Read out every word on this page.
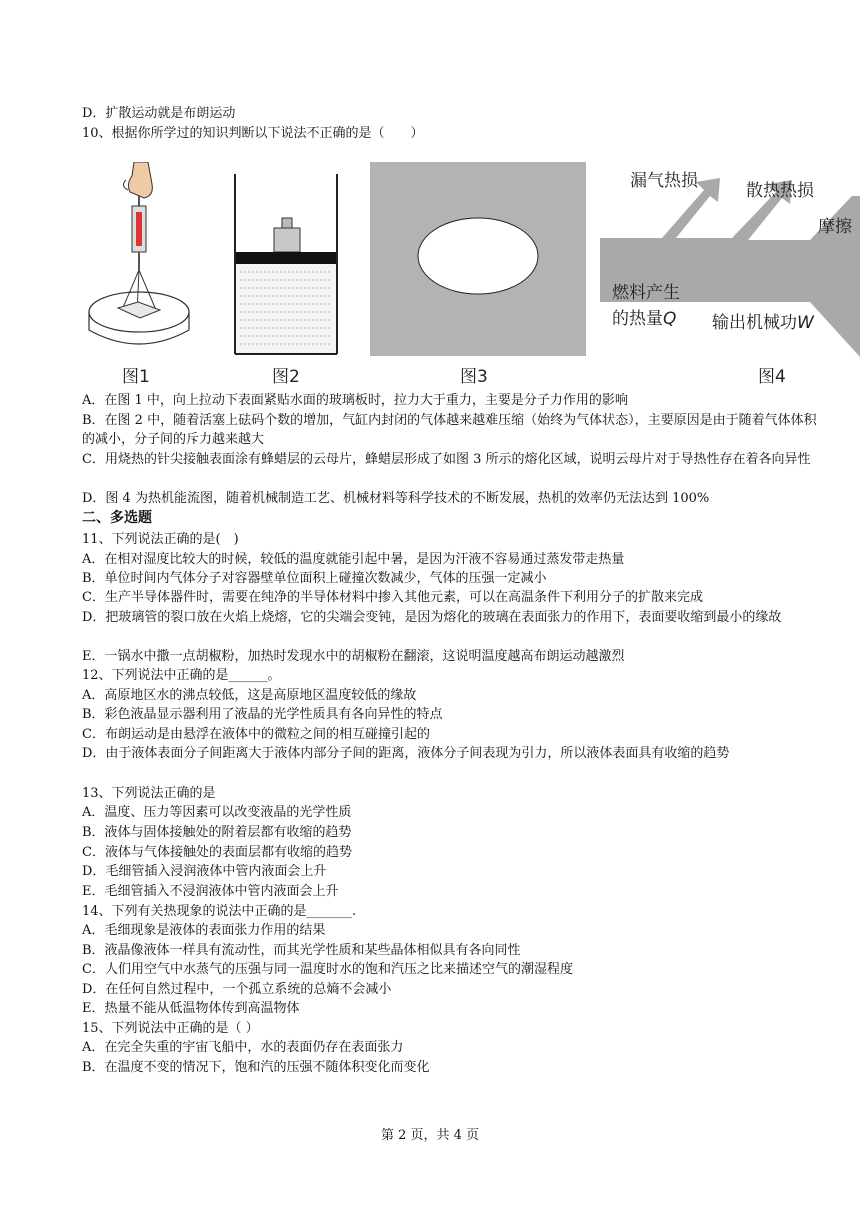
D．扩散运动就是布朗运动
10、根据你所学过的知识判断以下说法不正确的是（　　）
漏气热损	散热热损
摩擦
燃料产生
的热量Q 输出机械功W
图1	图2	图3	图4
A．在图 1 中，向上拉动下表面紧贴水面的玻璃板时，拉力大于重力，主要是分子力作用的影响
B．在图 2 中，随着活塞上砝码个数的增加，气缸内封闭的气体越来越难压缩（始终为气体状态），主要原因是由于随着气体体积的减小，分子间的斥力越来越大
C．用烧热的针尖接触表面涂有蜂蜡层的云母片，蜂蜡层形成了如图 3 所示的熔化区域，说明云母片对于导热性存在着各向异性
D．图 4 为热机能流图，随着机械制造工艺、机械材料等科学技术的不断发展，热机的效率仍无法达到 100%
二、多选题
11、下列说法正确的是(　)
A．在相对湿度比较大的时候，较低的温度就能引起中暑，是因为汗液不容易通过蒸发带走热量
B．单位时间内气体分子对容器壁单位面积上碰撞次数减少，气体的压强一定减小
C．生产半导体器件时，需要在纯净的半导体材料中掺入其他元素，可以在高温条件下利用分子的扩散来完成
D．把玻璃管的裂口放在火焰上烧熔，它的尖端会变钝，是因为熔化的玻璃在表面张力的作用下，表面要收缩到最小的缘故
E．一锅水中撒一点胡椒粉，加热时发现水中的胡椒粉在翻滚，这说明温度越高布朗运动越激烈
12、下列说法中正确的是______。
A．高原地区水的沸点较低，这是高原地区温度较低的缘故
B．彩色液晶显示器利用了液晶的光学性质具有各向异性的特点
C．布朗运动是由悬浮在液体中的微粒之间的相互碰撞引起的
D．由于液体表面分子间距离大于液体内部分子间的距离，液体分子间表现为引力，所以液体表面具有收缩的趋势
13、下列说法正确的是
A．温度、压力等因素可以改变液晶的光学性质
B．液体与固体接触处的附着层都有收缩的趋势
C．液体与气体接触处的表面层都有收缩的趋势
D．毛细管插入浸润液体中管内液面会上升
E．毛细管插入不浸润液体中管内液面会上升
14、下列有关热现象的说法中正确的是_______.
A．毛细现象是液体的表面张力作用的结果
B．液晶像液体一样具有流动性，而其光学性质和某些晶体相似具有各向同性
C．人们用空气中水蒸气的压强与同一温度时水的饱和汽压之比来描述空气的潮湿程度
D．在任何自然过程中，一个孤立系统的总熵不会减小
E．热量不能从低温物体传到高温物体
15、下列说法中正确的是（ ）
A．在完全失重的宇宙飞船中，水的表面仍存在表面张力
B．在温度不变的情况下，饱和汽的压强不随体积变化而变化
第 2 页，共 4 页
